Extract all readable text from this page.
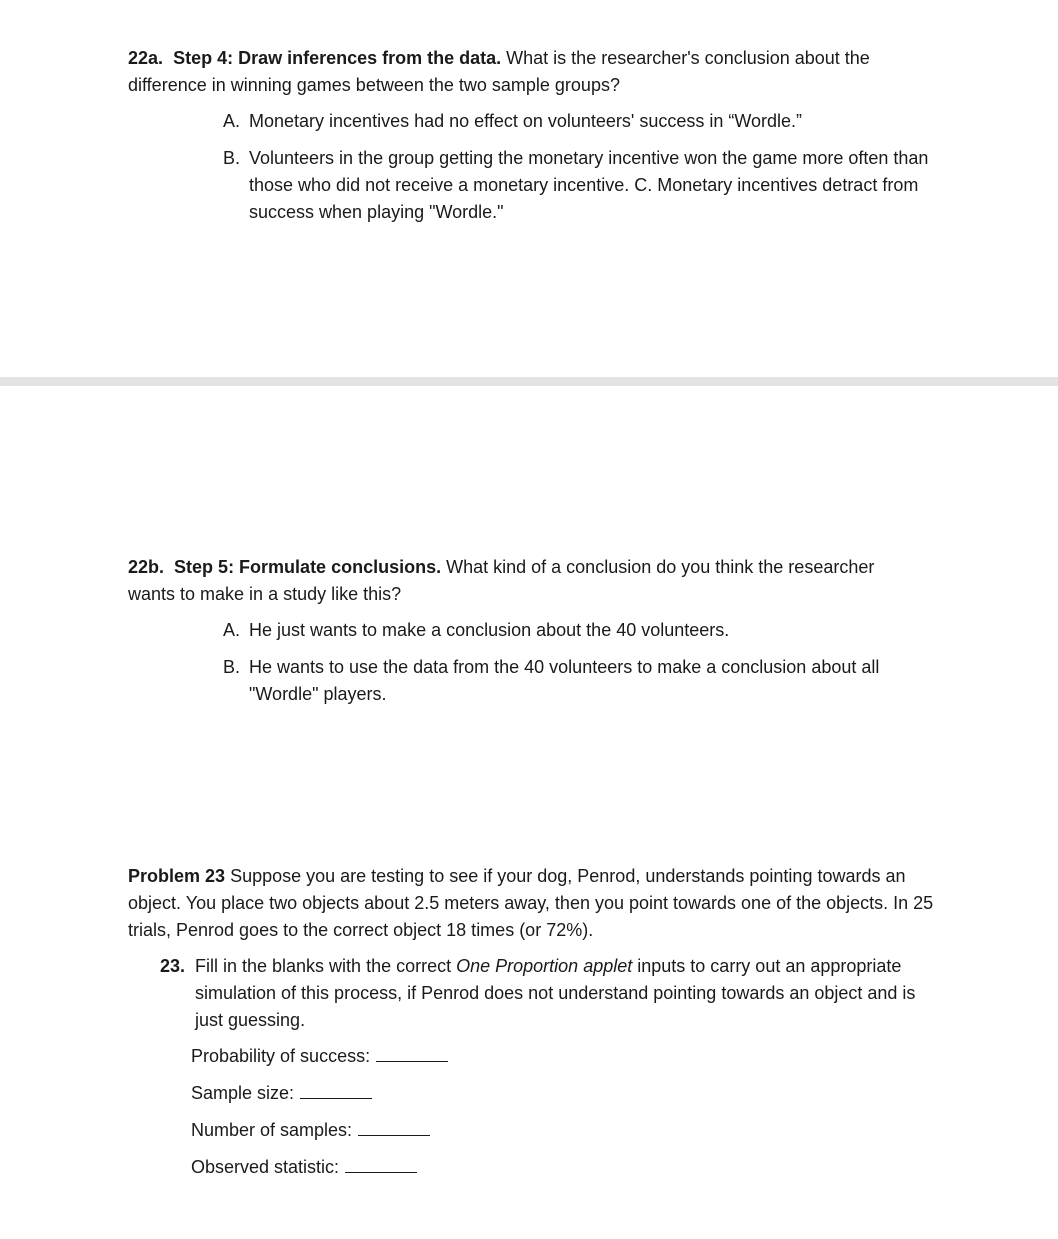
22a. Step 4: Draw inferences from the data. What is the researcher's conclusion about the
difference in winning games between the two sample groups?

A. Monetary incentives had no effect on volunteers' success in “Wordle.”
B. Volunteers in the group getting the monetary incentive won the game more often than those who did not receive a monetary incentive. C. Monetary incentives detract from success when playing "Wordle."

22b. Step 5: Formulate conclusions. What kind of a conclusion do you think the researcher
wants to make in a study like this?

A. He just wants to make a conclusion about the 40 volunteers.
B. He wants to use the data from the 40 volunteers to make a conclusion about all "Wordle" players.

Problem 23 Suppose you are testing to see if your dog, Penrod, understands pointing towards an object. You place two objects about 2.5 meters away, then you point towards one of the objects. In 25 trials, Penrod goes to the correct object 18 times (or 72%).

23. Fill in the blanks with the correct One Proportion applet inputs to carry out an appropriate simulation of this process, if Penrod does not understand pointing towards an object and is just guessing.
Probability of success:
Sample size:
Number of samples:
Observed statistic:
